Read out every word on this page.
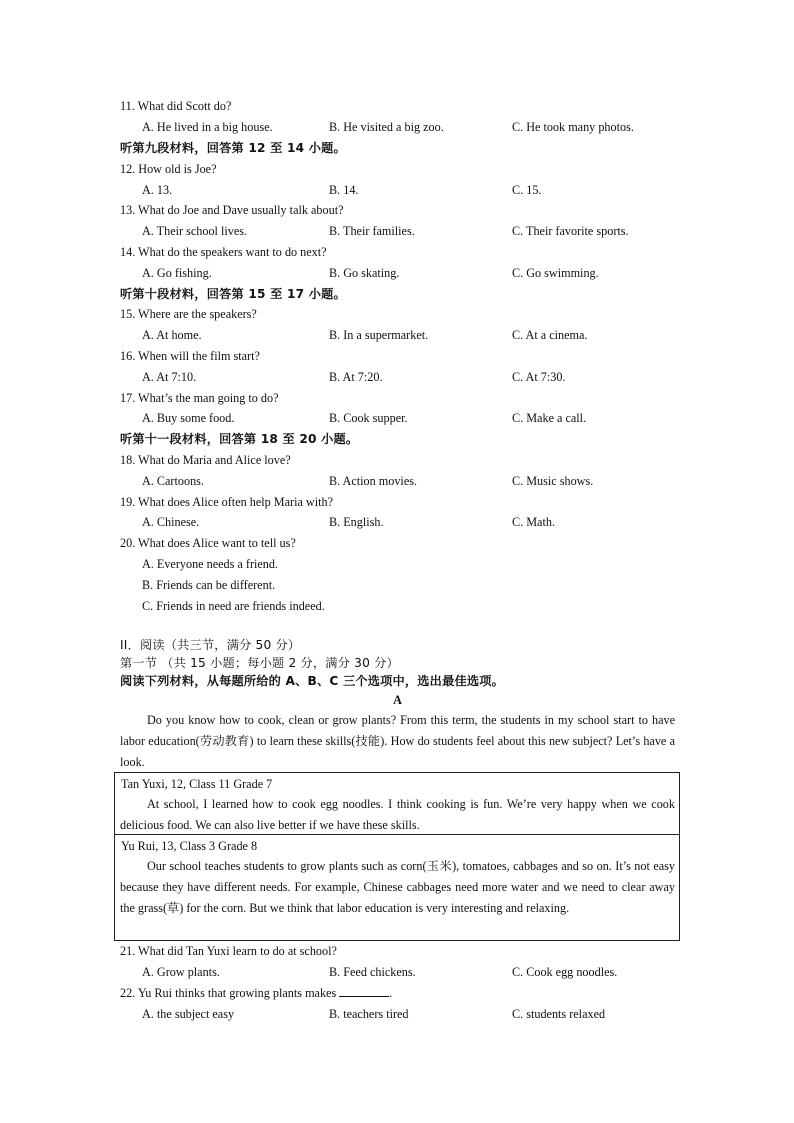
11. What did Scott do?
A. He lived in a big house.	B. He visited a big zoo.	C. He took many photos.
听第九段材料，回答第 12 至 14 小题。
12. How old is Joe?
A. 13.	B. 14.	C. 15.
13. What do Joe and Dave usually talk about?
A. Their school lives.	B. Their families.	C. Their favorite sports.
14. What do the speakers want to do next?
A. Go fishing.	B. Go skating.	C. Go swimming.
听第十段材料，回答第 15 至 17 小题。
15. Where are the speakers?
A. At home.	B. In a supermarket.	C. At a cinema.
16. When will the film start?
A. At 7:10.	B. At 7:20.	C. At 7:30.
17. What’s the man going to do?
A. Buy some food.	B. Cook supper.	C. Make a call.
听第十一段材料，回答第 18 至 20 小题。
18. What do Maria and Alice love?
A. Cartoons.	B. Action movies.	C. Music shows.
19. What does Alice often help Maria with?
A. Chinese.	B. English.	C. Math.
20. What does Alice want to tell us?
A. Everyone needs a friend.
B. Friends can be different.
C. Friends in need are friends indeed.
II．阅读（共三节，满分 50 分）
第一节 （共 15 小题；每小题 2 分，满分 30 分）
阅读下列材料，从每题所给的 A、B、C 三个选项中，选出最佳选项。
A
Do you know how to cook, clean or grow plants? From this term, the students in my school start to have labor education(劳动教育) to learn these skills(技能). How do students feel about this new subject? Let’s have a look.
Tan Yuxi, 12, Class 11 Grade 7
At school, I learned how to cook egg noodles. I think cooking is fun. We’re very happy when we cook delicious food. We can also live better if we have these skills.
Yu Rui, 13, Class 3 Grade 8
Our school teaches students to grow plants such as corn(玉米), tomatoes, cabbages and so on. It’s not easy because they have different needs. For example, Chinese cabbages need more water and we need to clear away the grass(草) for the corn. But we think that labor education is very interesting and relaxing.
21. What did Tan Yuxi learn to do at school?
A. Grow plants.	B. Feed chickens.	C. Cook egg noodles.
22. Yu Rui thinks that growing plants makes	.
A. the subject easy	B. teachers tired	C. students relaxed
